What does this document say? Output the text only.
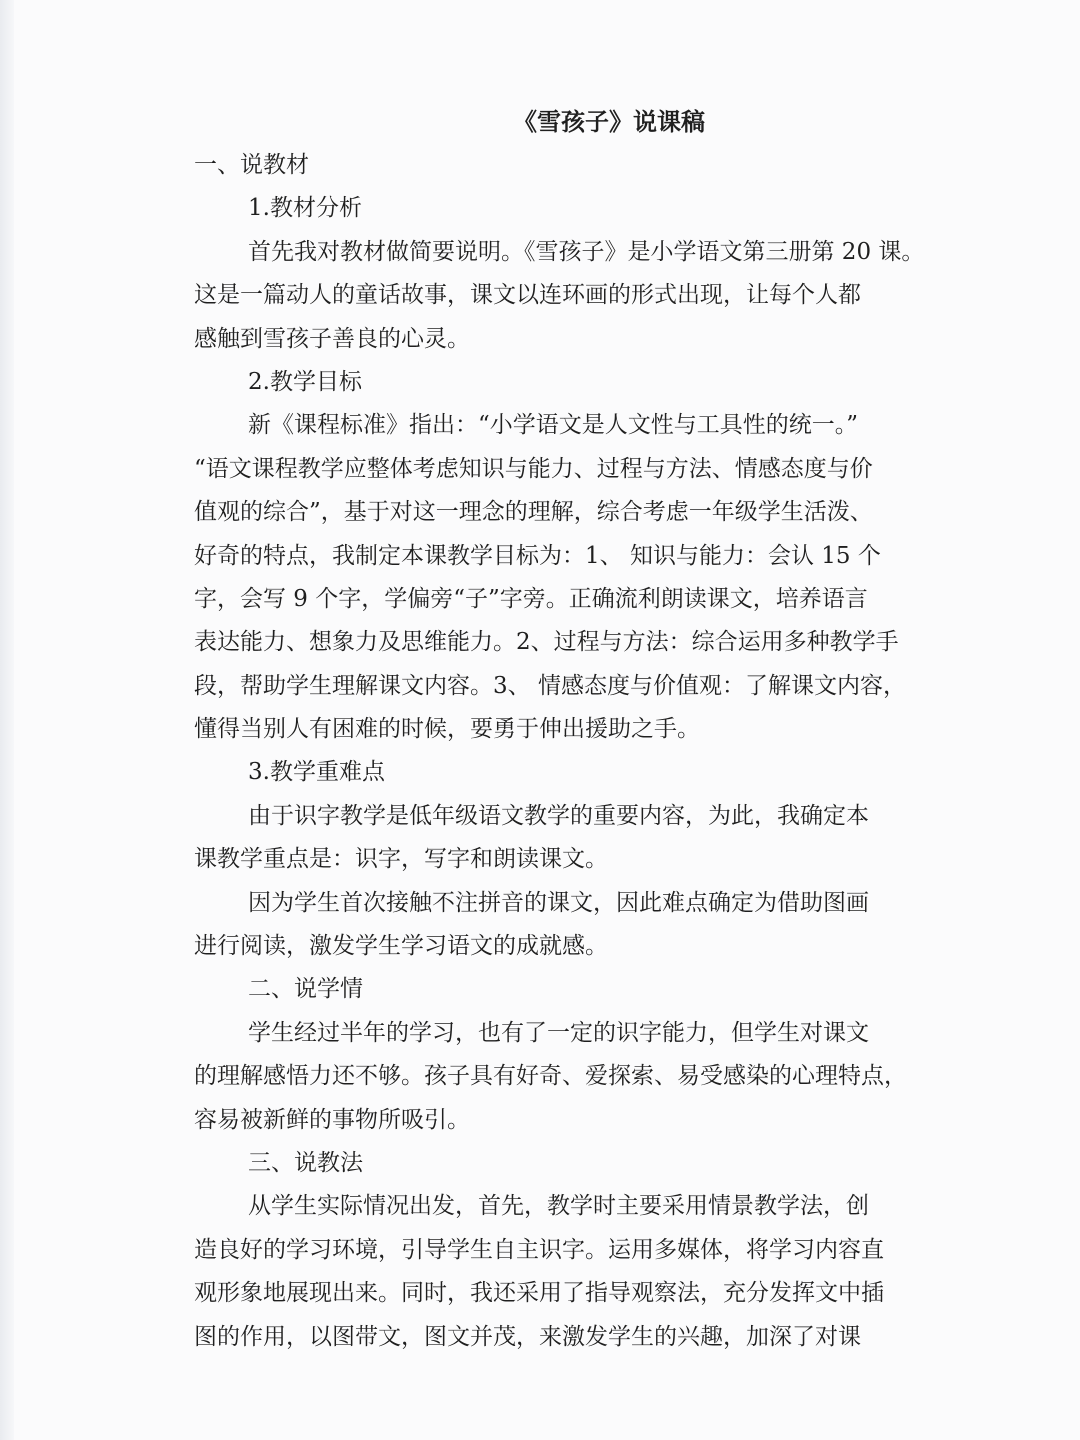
《雪孩子》说课稿

一、说教材

1.教材分析

首先我对教材做简要说明。《雪孩子》是小学语文第三册第 20 课。

这是一篇动人的童话故事，课文以连环画的形式出现，让每个人都

感触到雪孩子善良的心灵。

2.教学目标

新《课程标准》指出：“小学语文是人文性与工具性的统一。”

“语文课程教学应整体考虑知识与能力、过程与方法、情感态度与价

值观的综合”，基于对这一理念的理解，综合考虑一年级学生活泼、

好奇的特点，我制定本课教学目标为：1、 知识与能力：会认 15 个

字，会写 9 个字，学偏旁“子”字旁。正确流利朗读课文，培养语言

表达能力、想象力及思维能力。2、过程与方法：综合运用多种教学手

段，帮助学生理解课文内容。3、 情感态度与价值观：了解课文内容，

懂得当别人有困难的时候，要勇于伸出援助之手。

3.教学重难点

由于识字教学是低年级语文教学的重要内容，为此，我确定本

课教学重点是：识字，写字和朗读课文。

因为学生首次接触不注拼音的课文，因此难点确定为借助图画

进行阅读，激发学生学习语文的成就感。

二、说学情

学生经过半年的学习，也有了一定的识字能力，但学生对课文

的理解感悟力还不够。孩子具有好奇、爱探索、易受感染的心理特点，

容易被新鲜的事物所吸引。

三、说教法

从学生实际情况出发，首先，教学时主要采用情景教学法，创

造良好的学习环境，引导学生自主识字。运用多媒体，将学习内容直

观形象地展现出来。同时，我还采用了指导观察法，充分发挥文中插

图的作用，以图带文，图文并茂，来激发学生的兴趣，加深了对课
